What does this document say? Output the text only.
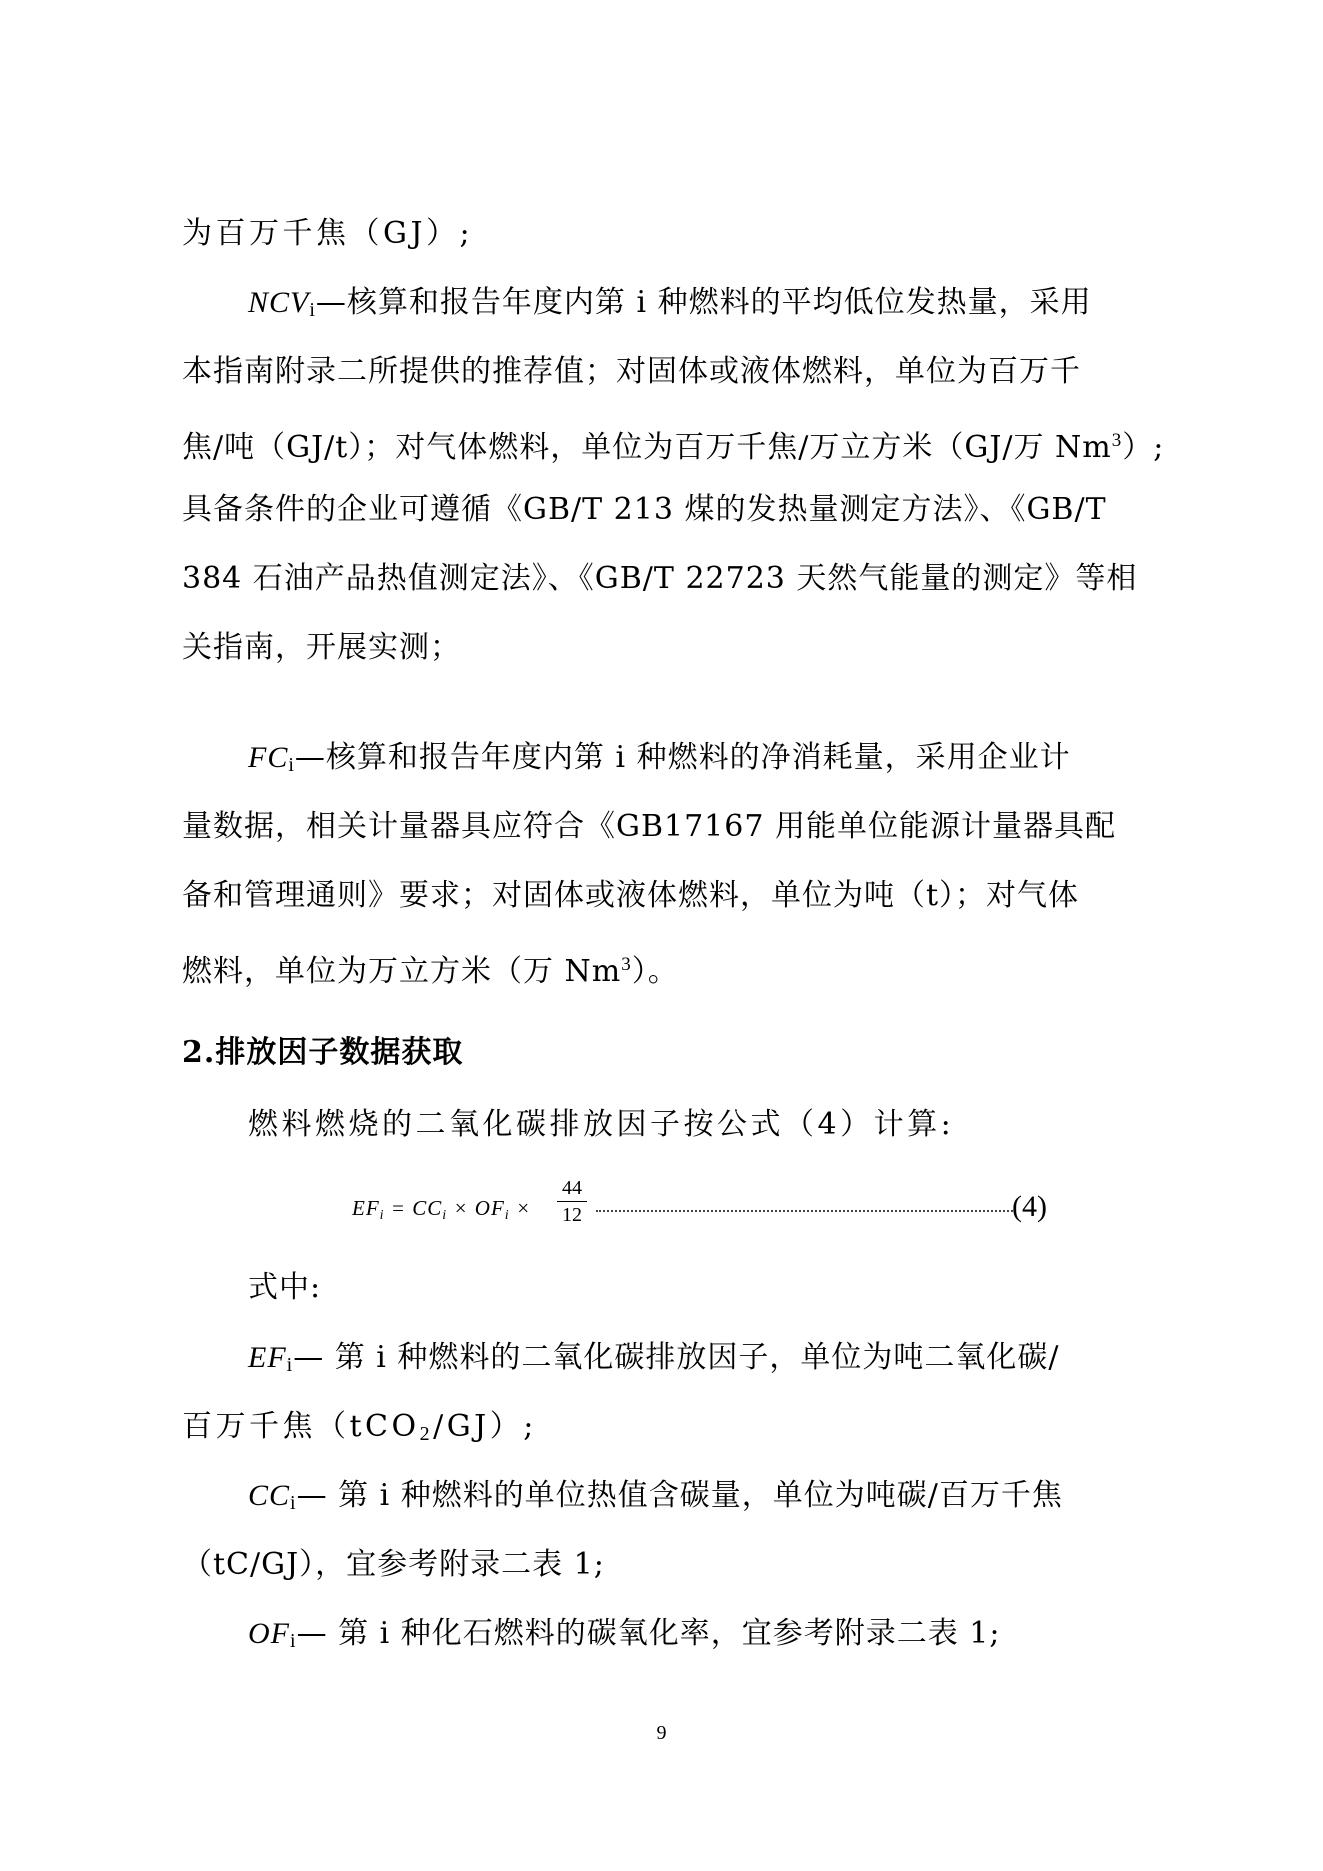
为百万千焦（GJ）;
$NCV_i—$核算和报告年度内第 i 种燃料的平均低位发热量，采用
本指南附录二所提供的推荐值；对固体或液体燃料，单位为百万千
焦/吨（GJ/t）；对气体燃料，单位为百万千焦/万立方米（GJ/万 Nm$^3$）;
具备条件的企业可遵循《GB/T 213 煤的发热量测定方法》、《GB/T
384 石油产品热值测定法》、《GB/T 22723 天然气能量的测定》等相
关指南，开展实测；
$FC_i—$核算和报告年度内第 i 种燃料的净消耗量，采用企业计
量数据，相关计量器具应符合《GB17167 用能单位能源计量器具配
备和管理通则》要求；对固体或液体燃料，单位为吨（t）；对气体
燃料，单位为万立方米（万 Nm$^3$）。
2.排放因子数据获取
燃料燃烧的二氧化碳排放因子按公式（4）计算:
EFi = CCi × OFi × $\frac{44}{12}$	(4)
式中:
$EF_i—$ 第 i 种燃料的二氧化碳排放因子，单位为吨二氧化碳/
百万千焦（tCO$_2$/GJ）;
$CC_i—$ 第 i 种燃料的单位热值含碳量，单位为吨碳/百万千焦
（tC/GJ），宜参考附录二表 1;
$OF_i—$ 第 i 种化石燃料的碳氧化率，宜参考附录二表 1;
9
